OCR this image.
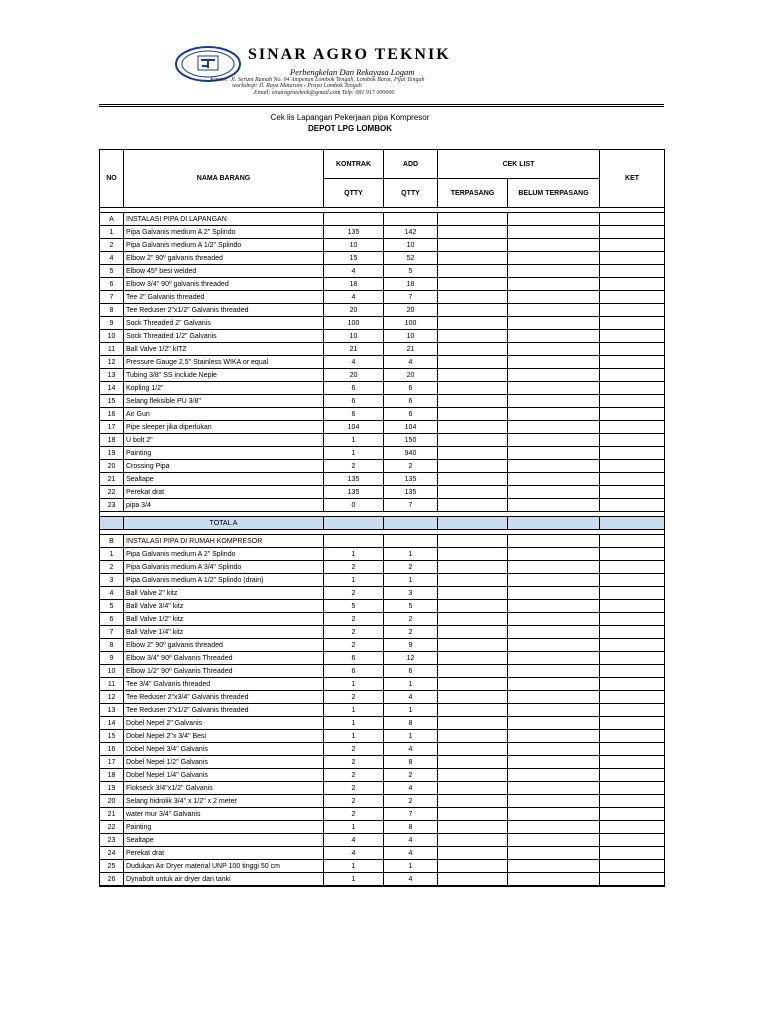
SINAR AGRO TEKNIK
Perbengkelan Dan Rekayasa Logam
Kantor: Jl. Seruni Rumah No. 04 Ampenan Lombok Tengah, Lombok Barat, Pijal Tengah
workshop: Jl. Raya Mataram - Praya Lombok Tengah
Email: sinaragroteknik@gmail.com Telp: 081 917 000000
Cek lis Lapangan Pekerjaan pipa Kompresor
DEPOT LPG LOMBOK
NO	NAMA BARANG	KONTRAK	ADD	CEK LIST		KET
		QTTY	QTTY	TERPASANG	BELUM TERPASANG	

A	INSTALASI PIPA DI LAPANGAN					
1	Pipa Galvanis medium A 2" Splindo	135	142			
2	Pipa Galvanis medium A 1/2" Splindo	10	10			
4	Elbow 2" 90º galvanis threaded	15	52			
5	Elbow 45º besi welded	4	5			
6	Elbow 3/4" 90º galvanis threaded	18	18			
7	Tee 2" Galvanis threaded	4	7			
8	Tee Reduser 2"x1/2" Galvanis threaded	20	20			
9	Sock Threaded 2" Galvanis	100	100			
10	Sock Threaded 1/2" Galvanis	10	10			
11	Ball Valve 1/2" kITZ	21	21			
12	Pressure Gauge 2,5" Stainless WIKA or equal	4	4			
13	Tubing 3/8" SS include Neple	20	20			
14	Kopling 1/2"	6	6			
15	Selang fleksible PU 3/8"	6	6			
16	Air Gun	6	6			
17	Pipe sleeper jika diperlukan	104	104			
18	U bolt 2"	1	150			
19	Painting	1	940			
20	Crossing Pipa	2	2			
21	Sealtape	135	135			
22	Perekat drat	135	135			
23	pipa 3/4	0	7			

	TOTAL A					

B	INSTALASI PIPA DI RUMAH KOMPRESOR					
1	Pipa Galvanis medium A 2" Splindo	1	1			
2	Pipa Galvanis medium A 3/4" Splindo	2	2			
3	Pipa Galvanis medium A 1/2" Splindo (drain)	1	1			
4	Ball Valve 2" kitz	2	3			
5	Ball Valve 3/4" kitz	5	5			
6	Ball Valve 1/2" kitz	2	2			
7	Ball Valve 1/4" kitz	2	2			
8	Elbow 2" 90º galvanis threaded	2	9			
9	Elbow 3/4" 90º Galvanis Threaded	6	12			
10	Elbow 1/2" 90º Galvanis Threaded	6	6			
11	Tee 3/4" Galvanis threaded	1	1			
12	Tee Reduser 2"x3/4" Galvanis threaded	2	4			
13	Tee Reduser 2"x1/2" Galvanis threaded	1	1			
14	Dobel Nepel 2" Galvanis	1	8			
15	Dobel Nepel 2"x 3/4" Besi	1	1			
16	Dobel Nepel 3/4" Galvanis	2	4			
17	Dobel Nepel 1/2" Galvanis	2	8			
18	Dobel Nepel 1/4" Galvanis	2	2			
19	Flokseck 3/4"x1/2" Galvanis	2	4			
20	Selang hidrolik 3/4" x 1/2" x 2 meter	2	2			
21	water mur 3/4" Galvanis	2	7			
22	Painting	1	8			
23	Sealtape	4	4			
24	Perekat drat	4	4			
25	Dudukan Air Dryer material UNP 100 tinggi 50 cm	1	1			
26	Dynabolt untuk air dryer dan tanki	1	4			
